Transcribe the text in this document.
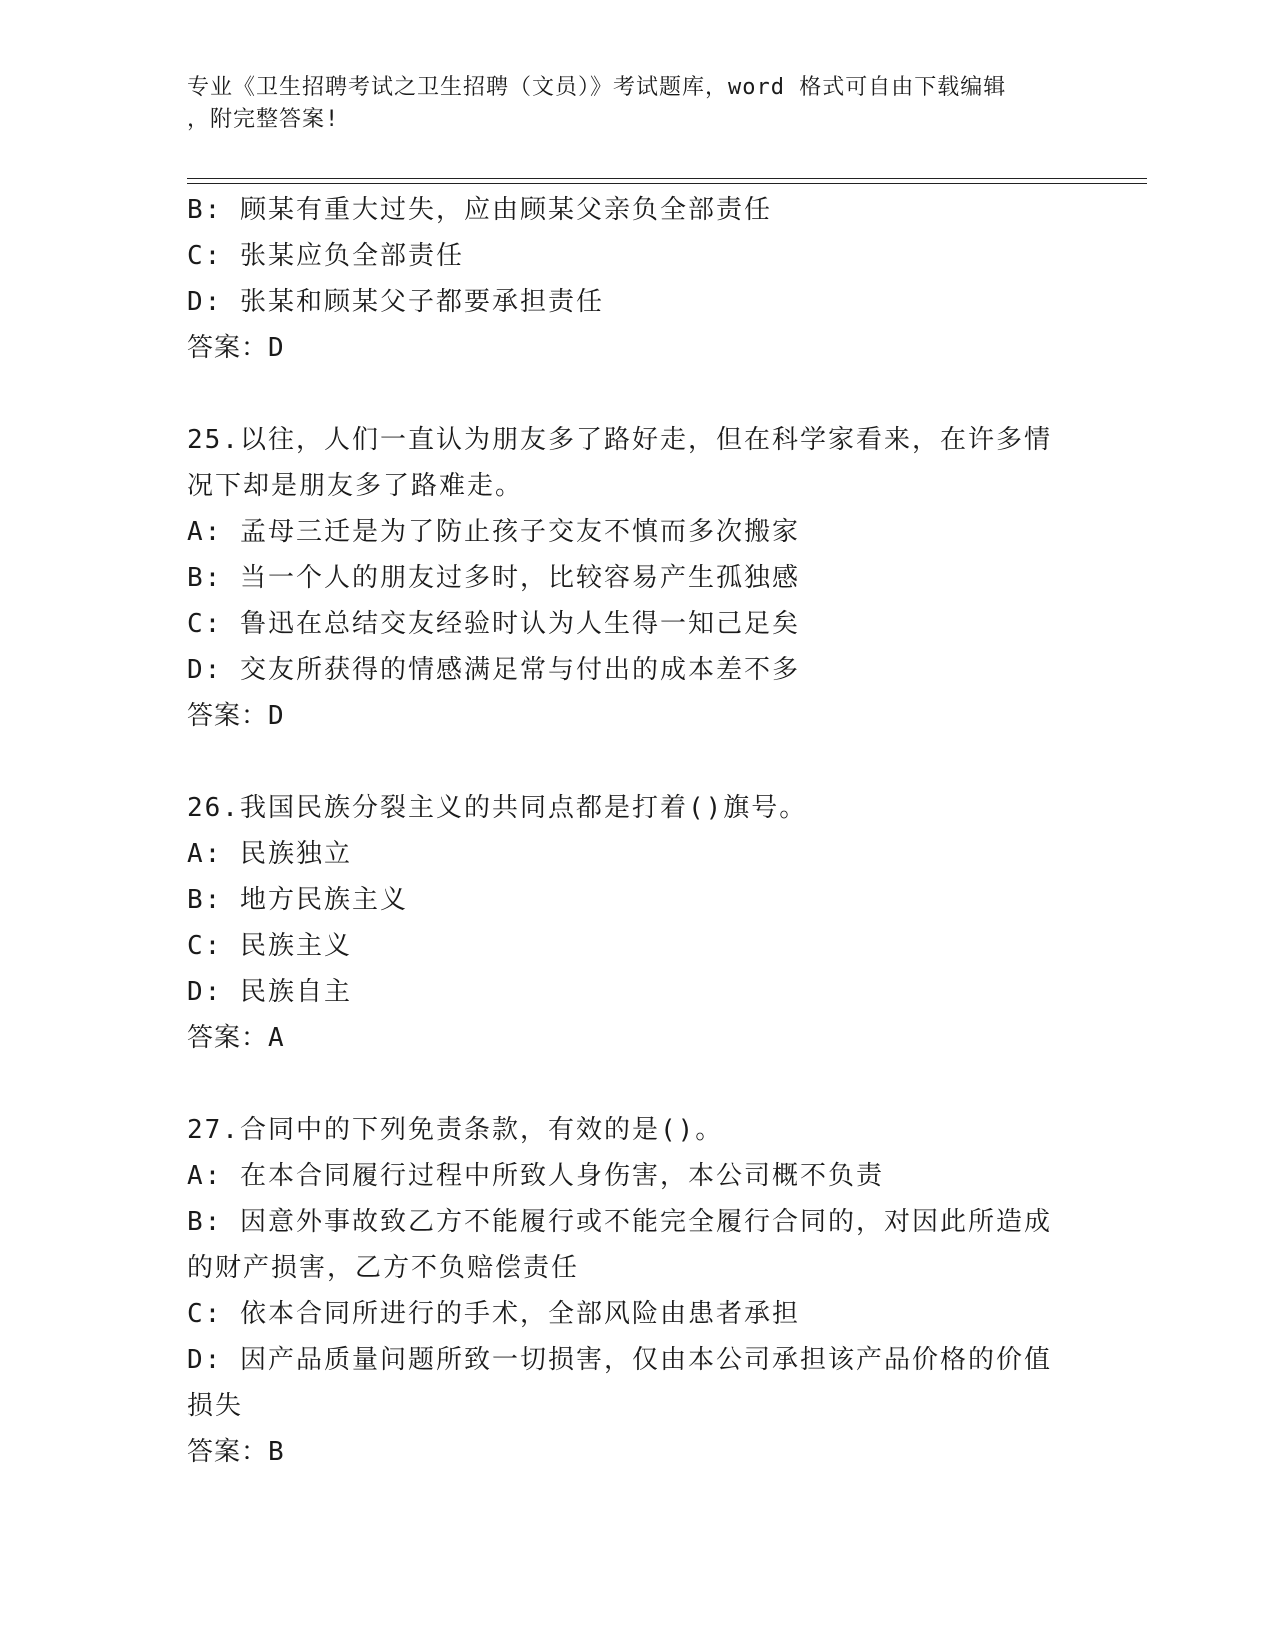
专业《卫生招聘考试之卫生招聘（文员）》考试题库，word 格式可自由下载编辑
，附完整答案!
B: 顾某有重大过失，应由顾某父亲负全部责任
C: 张某应负全部责任
D: 张某和顾某父子都要承担责任
答案：D
25.以往，人们一直认为朋友多了路好走，但在科学家看来，在许多情
况下却是朋友多了路难走。
A: 孟母三迁是为了防止孩子交友不慎而多次搬家
B: 当一个人的朋友过多时，比较容易产生孤独感
C: 鲁迅在总结交友经验时认为人生得一知己足矣
D: 交友所获得的情感满足常与付出的成本差不多
答案：D
26.我国民族分裂主义的共同点都是打着()旗号。
A: 民族独立
B: 地方民族主义
C: 民族主义
D: 民族自主
答案：A
27.合同中的下列免责条款，有效的是()。
A: 在本合同履行过程中所致人身伤害，本公司概不负责
B: 因意外事故致乙方不能履行或不能完全履行合同的，对因此所造成
的财产损害，乙方不负赔偿责任
C: 依本合同所进行的手术，全部风险由患者承担
D: 因产品质量问题所致一切损害，仅由本公司承担该产品价格的价值
损失
答案：B
